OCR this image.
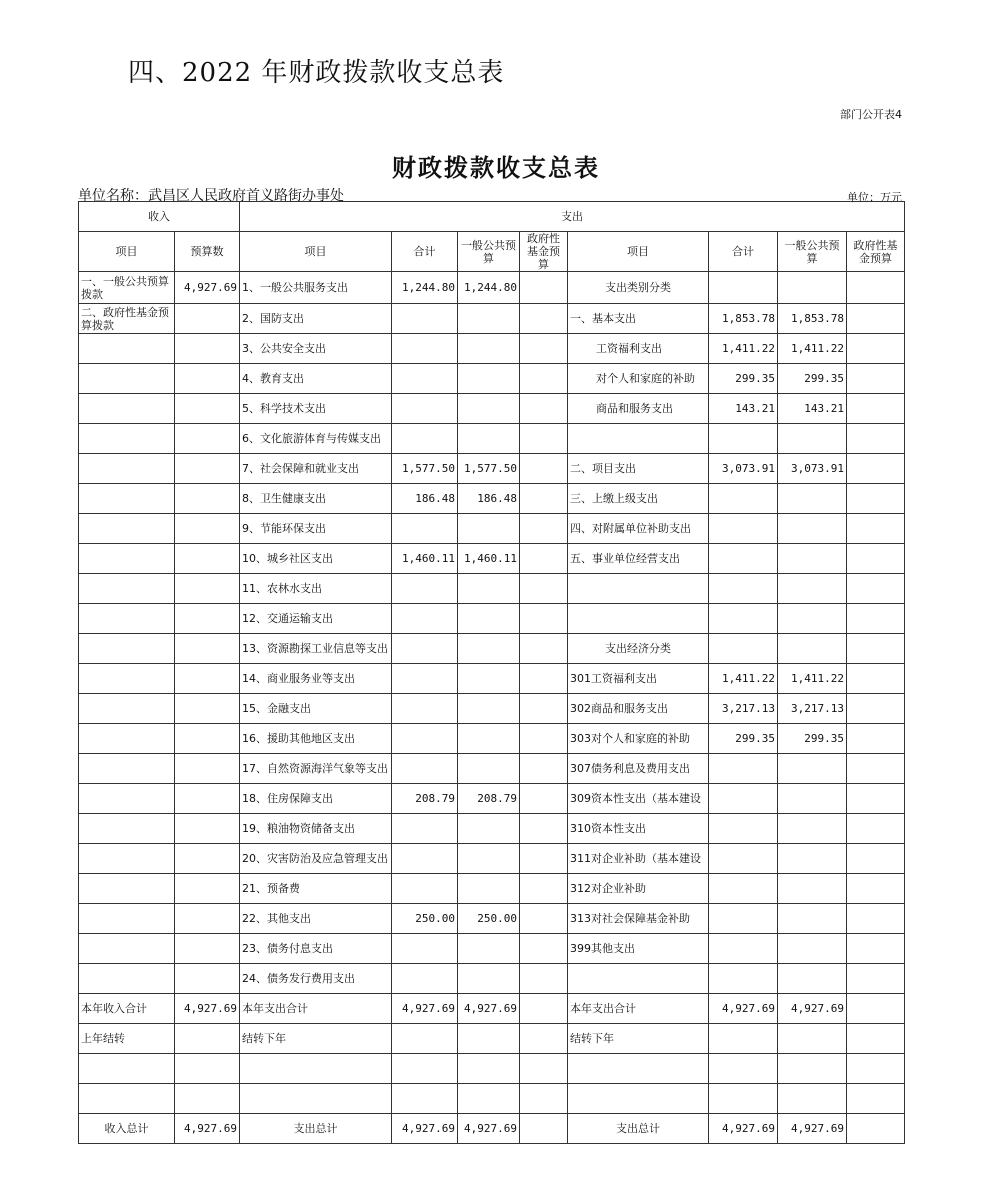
四、2022 年财政拨款收支总表
部门公开表4
财政拨款收支总表
单位名称：武昌区人民政府首义路街办事处	单位：万元
收入		支出							
项目	预算数	项目	合计	一般公共预算	政府性基金预算	项目	合计	一般公共预算	政府性基金预算
一、一般公共预算拨款	4,927.69	1、一般公共服务支出	1,244.80	1,244.80		支出类别分类			
二、政府性基金预算拨款		2、国防支出				一、基本支出	1,853.78	1,853.78	
		3、公共安全支出				工资福利支出	1,411.22	1,411.22	
		4、教育支出				对个人和家庭的补助	299.35	299.35	
		5、科学技术支出				商品和服务支出	143.21	143.21	
		6、文化旅游体育与传媒支出							
		7、社会保障和就业支出	1,577.50	1,577.50		二、项目支出	3,073.91	3,073.91	
		8、卫生健康支出	186.48	186.48		三、上缴上级支出			
		9、节能环保支出				四、对附属单位补助支出			
		10、城乡社区支出	1,460.11	1,460.11		五、事业单位经营支出			
		11、农林水支出							
		12、交通运输支出							
		13、资源勘探工业信息等支出				支出经济分类			
		14、商业服务业等支出				301工资福利支出	1,411.22	1,411.22	
		15、金融支出				302商品和服务支出	3,217.13	3,217.13	
		16、援助其他地区支出				303对个人和家庭的补助	299.35	299.35	
		17、自然资源海洋气象等支出				307债务利息及费用支出			
		18、住房保障支出	208.79	208.79		309资本性支出（基本建设			
		19、粮油物资储备支出				310资本性支出			
		20、灾害防治及应急管理支出				311对企业补助（基本建设			
		21、预备费				312对企业补助			
		22、其他支出	250.00	250.00		313对社会保障基金补助			
		23、债务付息支出				399其他支出			
		24、债务发行费用支出							
本年收入合计	4,927.69	本年支出合计	4,927.69	4,927.69		本年支出合计	4,927.69	4,927.69	
上年结转		结转下年				结转下年			

收入总计	4,927.69	支出总计	4,927.69	4,927.69		支出总计	4,927.69	4,927.69	
